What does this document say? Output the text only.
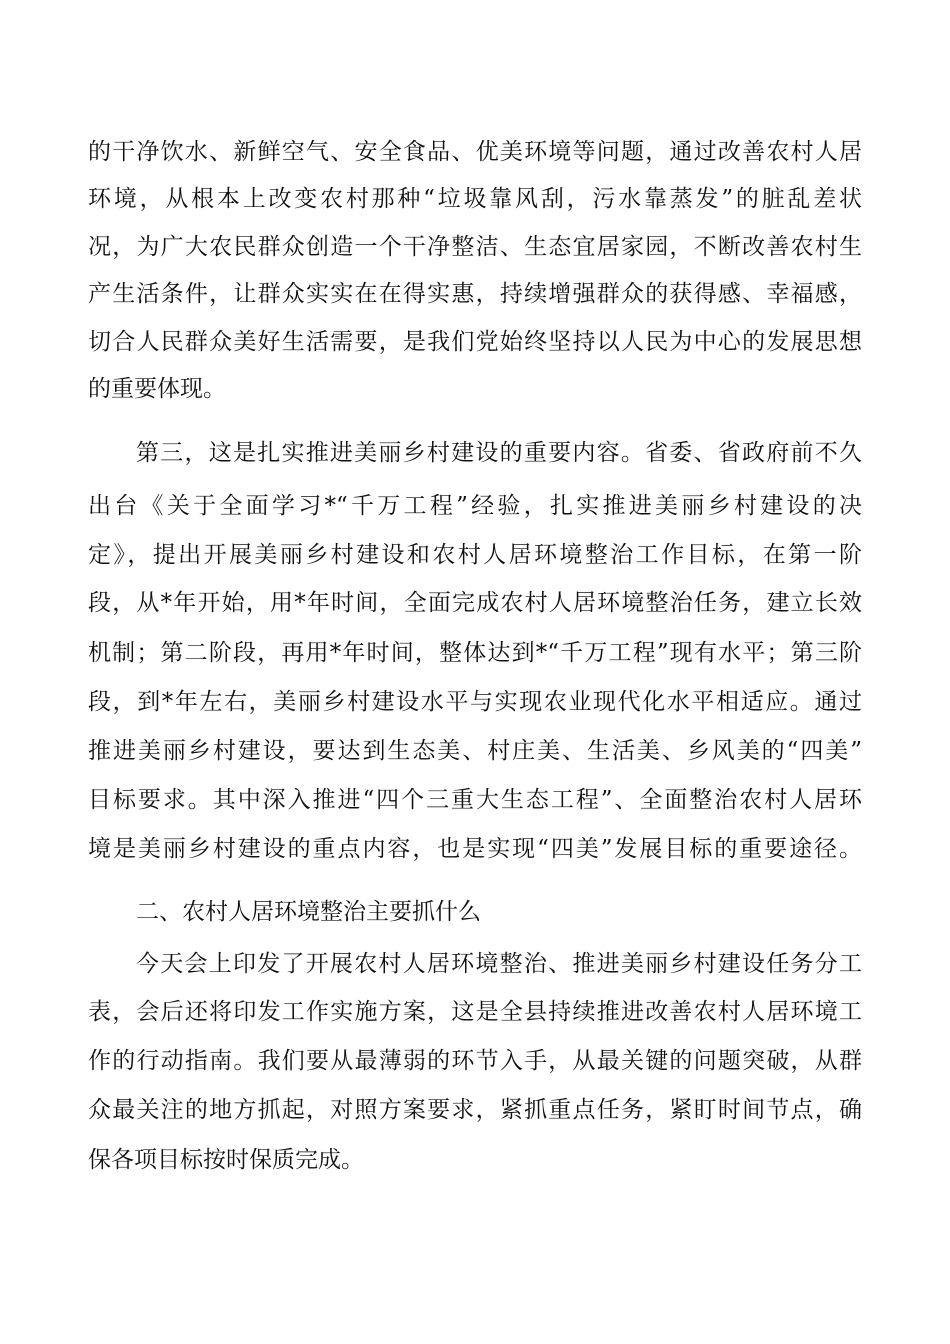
的干净饮水、新鲜空气、安全食品、优美环境等问题，通过改善农村人居
环境，从根本上改变农村那种“垃圾靠风刮，污水靠蒸发”的脏乱差状
况，为广大农民群众创造一个干净整洁、生态宜居家园，不断改善农村生
产生活条件，让群众实实在在得实惠，持续增强群众的获得感、幸福感，
切合人民群众美好生活需要，是我们党始终坚持以人民为中心的发展思想
的重要体现。
第三，这是扎实推进美丽乡村建设的重要内容。省委、省政府前不久
出台《关于全面学习*“千万工程”经验，扎实推进美丽乡村建设的决
定》，提出开展美丽乡村建设和农村人居环境整治工作目标，在第一阶
段，从*年开始，用*年时间，全面完成农村人居环境整治任务，建立长效
机制；第二阶段，再用*年时间，整体达到*“千万工程”现有水平；第三阶
段，到*年左右，美丽乡村建设水平与实现农业现代化水平相适应。通过
推进美丽乡村建设，要达到生态美、村庄美、生活美、乡风美的“四美”
目标要求。其中深入推进“四个三重大生态工程”、全面整治农村人居环
境是美丽乡村建设的重点内容，也是实现“四美”发展目标的重要途径。
二、农村人居环境整治主要抓什么
今天会上印发了开展农村人居环境整治、推进美丽乡村建设任务分工
表，会后还将印发工作实施方案，这是全县持续推进改善农村人居环境工
作的行动指南。我们要从最薄弱的环节入手，从最关键的问题突破，从群
众最关注的地方抓起，对照方案要求，紧抓重点任务，紧盯时间节点，确
保各项目标按时保质完成。
